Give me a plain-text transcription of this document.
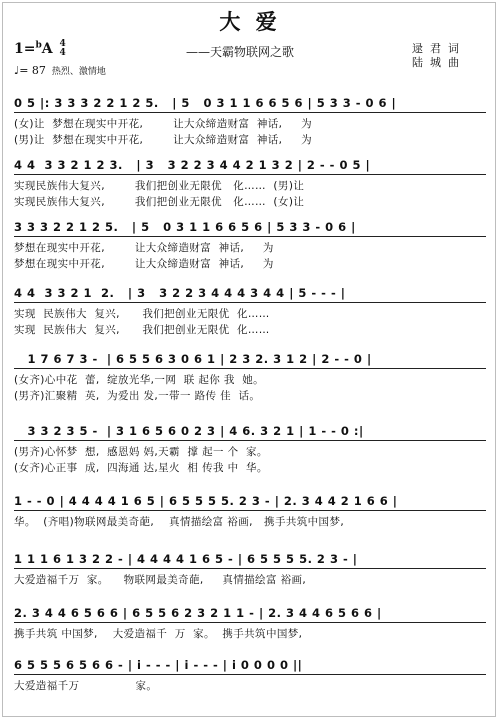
大 爱
——天霸物联网之歌
1=$^b$A 4
4
♩= 87 热烈、激情地
逯  君  词
陆  城  曲
0 5 |: 3 3 3 2 2 1 2 5.   | 5   0 3 1 1 6 6 5 6 | 5 3 3 - 0 6 |
(女)让  梦想在现实中开花,        让大众缔造财富  神话,     为
(男)让  梦想在现实中开花,        让大众缔造财富  神话,     为
4 4  3 3 2 1 2 3.   | 3   3 2 2 3 4 4 2 1 3 2 | 2 - - 0 5 |
实现民族伟大复兴,        我们把创业无限优   化……  (男)让
实现民族伟大复兴,        我们把创业无限优   化……  (女)让
3 3 3 2 2 1 2 5.   | 5   0 3 1 1 6 6 5 6 | 5 3 3 - 0 6 |
梦想在现实中开花,        让大众缔造财富  神话,     为
梦想在现实中开花,        让大众缔造财富  神话,     为
4 4  3 3 2 1  2.   | 3   3 2 2 3 4 4 4 3 4 4 | 5 - - - |
实现  民族伟大  复兴,      我们把创业无限优  化……
实现  民族伟大  复兴,      我们把创业无限优  化……
1 7 6 7 3 -  | 6 5 5 6 3 0 6 1 | 2 3 2. 3 1 2 | 2 - - 0 |
(女齐)心中花  蕾,  绽放光华,一网  联 起你 我  她。
(男齐)汇聚精  英,  为爱出 发,一带一 路传 佳  话。
3 3 2 3 5 -  | 3 1 6 5 6 0 2 3 | 4 6. 3 2 1 | 1 - - 0 :|
(男齐)心怀梦  想,  感恩妈 妈,天霸  撑 起一 个  家。
(女齐)心正事  成,  四海通 达,星火  相 传我 中  华。
1 - - 0 | 4 4 4 4 1 6 5 | 6 5 5 5 5. 2 3 - | 2. 3 4 4 2 1 6 6 |
华。  (齐唱)物联网最美奇葩,    真情描绘富 裕画,   携手共筑中国梦,
1 1 1 6 1 3 2 2 - | 4 4 4 4 1 6 5 - | 6 5 5 5 5. 2 3 - |
大爱造福千万  家。    物联网最美奇葩,     真情描绘富 裕画,
2. 3 4 4 6 5 6 6 | 6 5 5 6 2 3 2 1 1 - | 2. 3 4 4 6 5 6 6 |
携手共筑 中国梦,    大爱造福千  万  家。  携手共筑中国梦,
6 5 5 5 6 5 6 6 - | i - - - | i - - - | i 0 0 0 0 ||
大爱造福千万               家。
